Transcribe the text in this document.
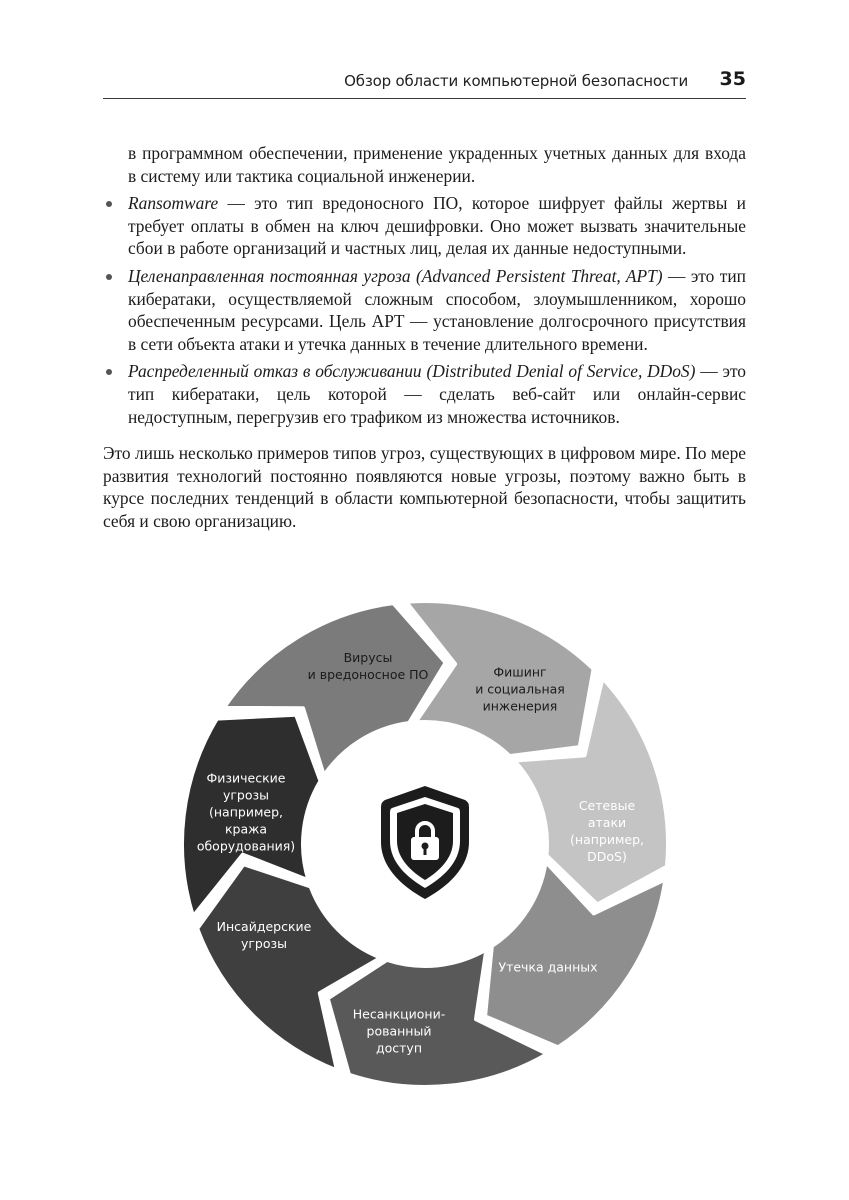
Обзор области компьютерной безопасности 35

в программном обеспечении, применение украденных учетных данных для входа в систему или тактика социальной инженерии.

Ransomware — это тип вредоносного ПО, которое шифрует файлы жертвы и требует оплаты в обмен на ключ дешифровки. Оно может вызвать значительные сбои в работе организаций и частных лиц, делая их данные недоступными.
Целенаправленная постоянная угроза (Advanced Persistent Threat, APT) — это тип кибератаки, осуществляемой сложным способом, злоумышленником, хорошо обеспеченным ресурсами. Цель APT — установление долгосрочного присутствия в сети объекта атаки и утечка данных в течение длительного времени.
Распределенный отказ в обслуживании (Distributed Denial of Service, DDoS) — это тип кибератаки, цель которой — сделать веб-сайт или онлайн-сервис недоступным, перегрузив его трафиком из множества источников.

Это лишь несколько примеров типов угроз, существующих в цифровом мире. По мере развития технологий постоянно появляются новые угрозы, поэтому важно быть в курсе последних тенденций в области компьютерной безопасности, чтобы защитить себя и свою организацию.

Вирусы
и вредоносное ПО	Фишинг
и социальная
инженерия
Сетевые
атаки
(например,
DDoS)
Утечка данных
Несанкциони-
рованный
доступ
Инсайдерские
угрозы
Физические
угрозы
(например,
кража
оборудования)
